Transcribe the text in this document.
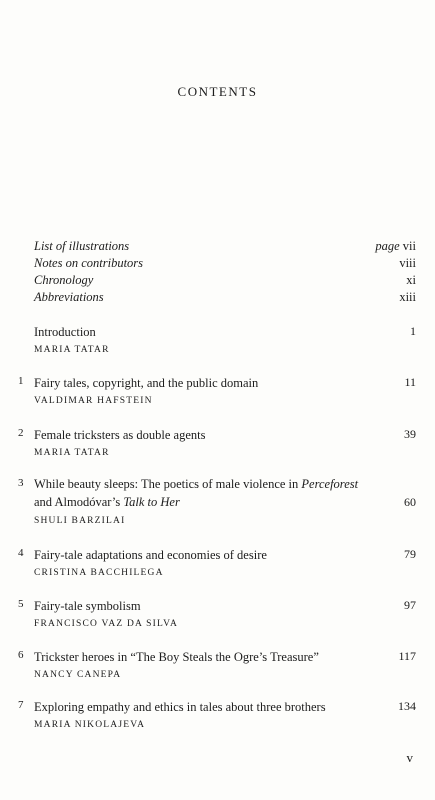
CONTENTS
List of illustrations	page vii
Notes on contributors	viii
Chronology	xi
Abbreviations	xiii
Introduction	1
MARIA TATAR
1 Fairy tales, copyright, and the public domain	11
VALDIMAR HAFSTEIN
2 Female tricksters as double agents	39
MARIA TATAR
3 While beauty sleeps: The poetics of male violence in Perceforest and Almodóvar’s Talk to Her	60
SHULI BARZILAI
4 Fairy-tale adaptations and economies of desire	79
CRISTINA BACCHILEGA
5 Fairy-tale symbolism	97
FRANCISCO VAZ DA SILVA
6 Trickster heroes in “The Boy Steals the Ogre’s Treasure”	117
NANCY CANEPA
7 Exploring empathy and ethics in tales about three brothers	134
MARIA NIKOLAJEVA
v
